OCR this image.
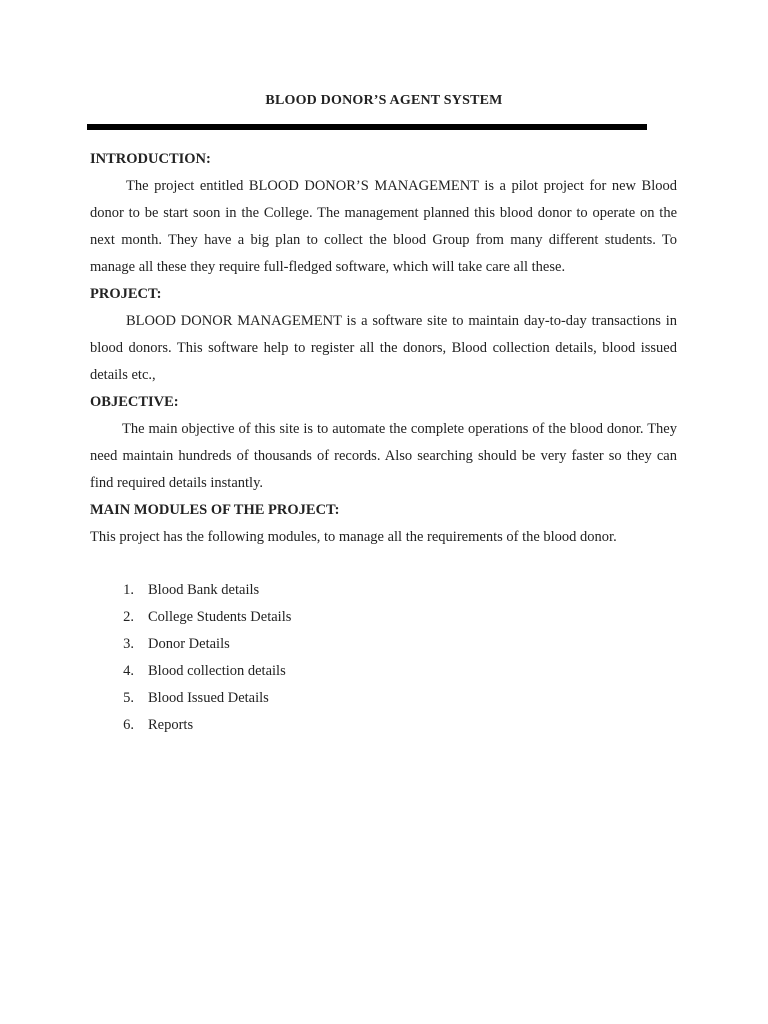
BLOOD DONOR’S AGENT SYSTEM

INTRODUCTION:

The project entitled BLOOD DONOR’S MANAGEMENT is a pilot project for new Blood donor to be start soon in the College. The management planned this blood donor to operate on the next month. They have a big plan to collect the blood Group from many different students. To manage all these they require full-fledged software, which will take care all these.

PROJECT:

BLOOD DONOR MANAGEMENT is a software site to maintain day-to-day transactions in blood donors. This software help to register all the donors, Blood collection details, blood issued details etc.,

OBJECTIVE:

The main objective of this site is to automate the complete operations of the blood donor. They need maintain hundreds of thousands of records. Also searching should be very faster so they can find required details instantly.

MAIN MODULES OF THE PROJECT:

This project has the following modules, to manage all the requirements of the blood donor.

1. Blood Bank details
2. College Students Details
3. Donor Details
4. Blood collection details
5. Blood Issued Details
6. Reports
